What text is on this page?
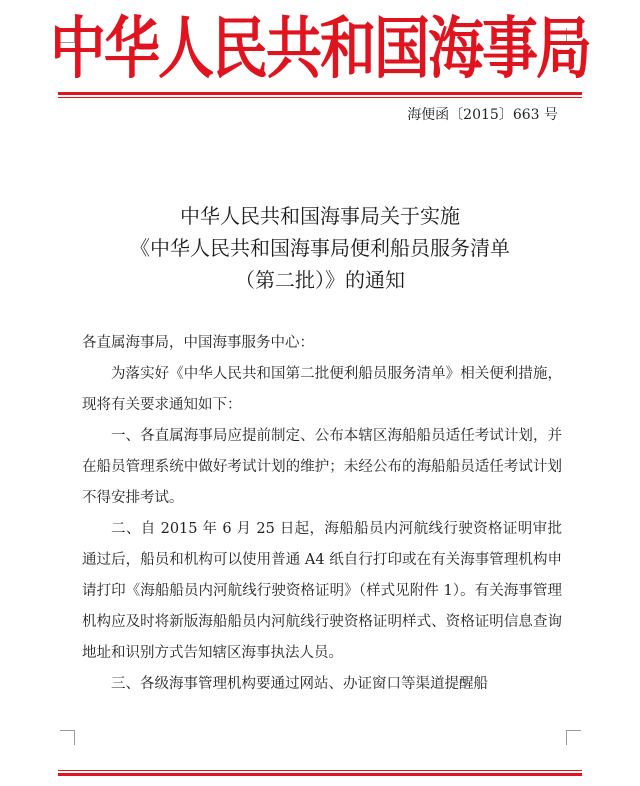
中华人民共和国海事局
海便函〔2015〕663 号
中华人民共和国海事局关于实施
《中华人民共和国海事局便利船员服务清单
（第二批）》的通知

各直属海事局，中国海事服务中心：

为落实好《中华人民共和国第二批便利船员服务清单》相关便利措施，现将有关要求通知如下：

一、各直属海事局应提前制定、公布本辖区海船船员适任考试计划，并在船员管理系统中做好考试计划的维护；未经公布的海船船员适任考试计划不得安排考试。

二、自 2015 年 6 月 25 日起，海船船员内河航线行驶资格证明审批通过后，船员和机构可以使用普通 A4 纸自行打印或在有关海事管理机构申请打印《海船船员内河航线行驶资格证明》（样式见附件 1）。有关海事管理机构应及时将新版海船船员内河航线行驶资格证明样式、资格证明信息查询地址和识别方式告知辖区海事执法人员。

三、各级海事管理机构要通过网站、办证窗口等渠道提醒船
